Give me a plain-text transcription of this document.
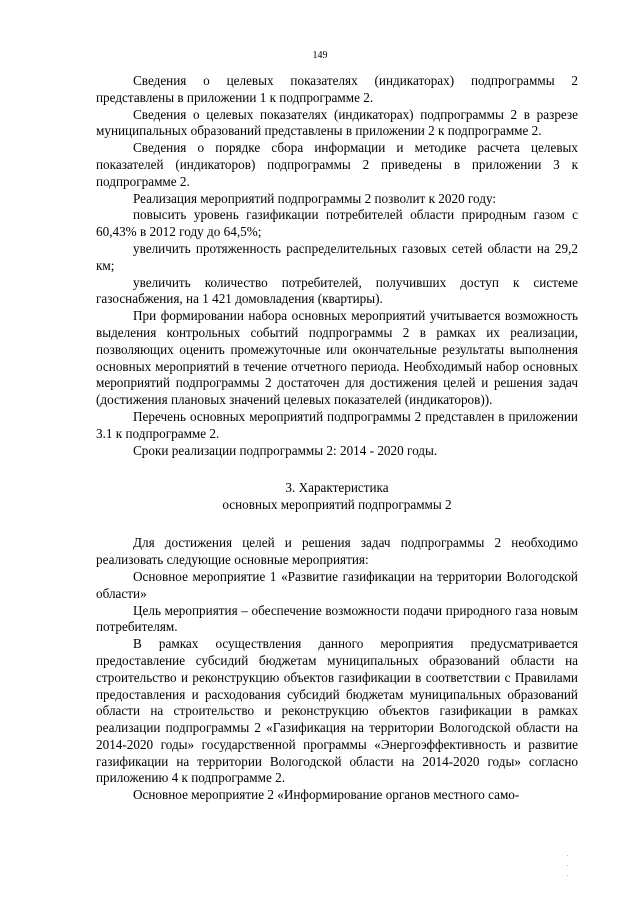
149

Сведения о целевых показателях (индикаторах) подпрограммы 2 представлены в приложении 1 к подпрограмме 2.

Сведения о целевых показателях (индикаторах) подпрограммы 2 в разрезе муниципальных образований представлены в приложении 2 к подпрограмме 2.

Сведения о порядке сбора информации и методике расчета целевых показателей (индикаторов) подпрограммы 2 приведены в приложении 3 к подпрограмме 2.

Реализация мероприятий подпрограммы 2 позволит к 2020 году:

повысить уровень газификации потребителей области природным газом с 60,43% в 2012 году до 64,5%;

увеличить протяженность распределительных газовых сетей области на 29,2 км;

увеличить количество потребителей, получивших доступ к системе газоснабжения, на 1 421 домовладения (квартиры).

При формировании набора основных мероприятий учитывается возможность выделения контрольных событий подпрограммы 2 в рамках их реализации, позволяющих оценить промежуточные или окончательные результаты выполнения основных мероприятий в течение отчетного периода. Необходимый набор основных мероприятий подпрограммы 2 достаточен для достижения целей и решения задач (достижения плановых значений целевых показателей (индикаторов)).

Перечень основных мероприятий подпрограммы 2 представлен в приложении 3.1 к подпрограмме 2.

Сроки реализации подпрограммы 2: 2014 - 2020 годы.

3. Характеристика
основных мероприятий подпрограммы 2

Для достижения целей и решения задач подпрограммы 2 необходимо реализовать следующие основные мероприятия:

Основное мероприятие 1 «Развитие газификации на территории Вологодской области»

Цель мероприятия – обеспечение возможности подачи природного газа новым потребителям.

В рамках осуществления данного мероприятия предусматривается предоставление субсидий бюджетам муниципальных образований области на строительство и реконструкцию объектов газификации в соответствии с Правилами предоставления и расходования субсидий бюджетам муниципальных образований области на строительство и реконструкцию объектов газификации в рамках реализации подпрограммы 2 «Газификация на территории Вологодской области на 2014-2020 годы» государственной программы «Энергоэффективность и развитие газификации на территории Вологодской области на 2014-2020 годы» согласно приложению 4 к подпрограмме 2.

Основное мероприятие 2 «Информирование органов местного само-
